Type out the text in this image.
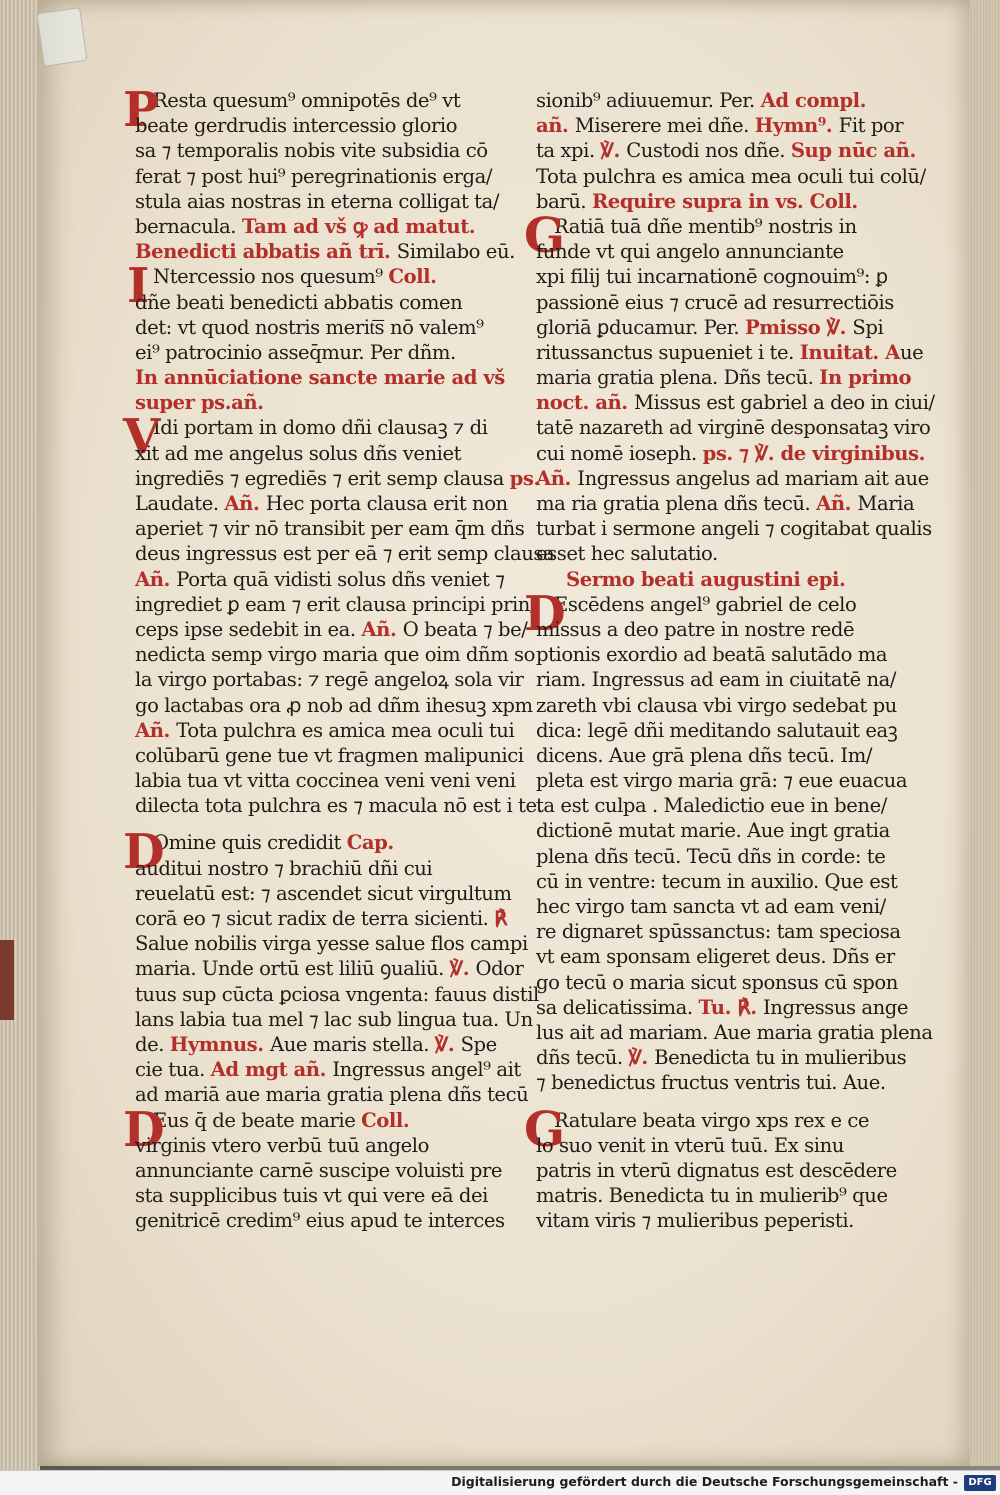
P
Resta quesum⁹ omnipotēs de⁹ vt
beate gerdrudis intercessio glorio
sa ⁊ temporalis nobis vite subsidia cō
ferat ⁊ post hui⁹ peregrinationis erga/
stula aias nostras in eterna colligat ta/
bernacula. Tam ad vš ꝙ ad matut.
Benedicti abbatis añ trī. Similabo eū.
I Ntercessio nos quesum⁹ Coll.
dñe beati benedicti abbatis comen
det: vt quod nostris merit͞s nō valem⁹
ei⁹ patrocinio asseq̄mur. Per dñm.
In annūciatione sancte marie ad vš
super ps.añ.
V
Idi portam in domo dñi clausaꝫ ⁊ di
xit ad me angelus solus dñs veniet
ingrediēs ⁊ egrediēs ⁊ erit semp clausa ps.
Laudate. Añ. Hec porta clausa erit non
aperiet ⁊ vir nō transibit per eam q̄m dñs
deus ingressus est per eā ⁊ erit semp clausa
Añ. Porta quā vidisti solus dñs veniet ⁊
ingrediet ꝑ eam ⁊ erit clausa principi prin/
ceps ipse sedebit in ea. Añ. O beata ⁊ be/
nedicta semp virgo maria que oim dñm so
la virgo portabas: ⁊ regē angeloꝝ sola vir
go lactabas ora ꝓ nob ad dñm ihesuꝫ xpm
Añ. Tota pulchra es amica mea oculi tui
colūbarū gene tue vt fragmen malipunici
labia tua vt vitta coccinea veni veni veni
dilecta tota pulchra es ⁊ macula nō est i te.
D
Omine quis credidit Cap.
auditui nostro ⁊ brachiū dñi cui
reuelatū est: ⁊ ascendet sicut virgultum
corā eo ⁊ sicut radix de terra sicienti. ℟
Salue nobilis virga yesse salue flos campi
maria. Unde ortū est liliū ꝯualiū. ℣. Odor
tuus sup cūcta ꝑciosa vngenta: fauus distil
lans labia tua mel ⁊ lac sub lingua tua. Un
de. Hymnus. Aue maris stella. ℣. Spe
cie tua. Ad mgt añ. Ingressus angel⁹ ait
ad mariā aue maria gratia plena dñs tecū
D
Eus q̄ de beate marie Coll.
virginis vtero verbū tuū angelo
annunciante carnē suscipe voluisti pre
sta supplicibus tuis vt qui vere eā dei
genitricē credim⁹ eius apud te interces
sionib⁹ adiuuemur. Per. Ad compl.
añ. Miserere mei dñe. Hymn⁹. Fit por
ta xpi. ℣. Custodi nos dñe. Sup nūc añ.
Tota pulchra es amica mea oculi tui colū/
barū. Require supra in vs. Coll.
G
Ratiā tuā dñe mentib⁹ nostris in
funde vt qui angelo annunciante
xpi filij tui incarnationē cognouim⁹: ꝑ
passionē eius ⁊ crucē ad resurrectiōis
gloriā ꝑducamur. Per. Pmisso ℣. Spi
ritussanctus supueniet i te. Inuitat. Aue
maria gratia plena. Dñs tecū. In primo
noct. añ. Missus est gabriel a deo in ciui/
tatē nazareth ad virginē desponsataꝫ viro
cui nomē ioseph. ps. ⁊ ℣. de virginibus.
Añ. Ingressus angelus ad mariam ait aue
ma ria gratia plena dñs tecū. Añ. Maria
turbat i sermone angeli ⁊ cogitabat qualis
esset hec salutatio.
Sermo beati augustini epi.
D
Escēdens angel⁹ gabriel de celo
missus a deo patre in nostre redē
ptionis exordio ad beatā salutādo ma
riam. Ingressus ad eam in ciuitatē na/
zareth vbi clausa vbi virgo sedebat pu
dica: legē dñi meditando salutauit eaꝫ
dicens. Aue grā plena dñs tecū. Im/
pleta est virgo maria grā: ⁊ eue euacua
ta est culpa . Maledictio eue in bene/
dictionē mutat marie. Aue ingt gratia
plena dñs tecū. Tecū dñs in corde: te
cū in ventre: tecum in auxilio. Que est
hec virgo tam sancta vt ad eam veni/
re dignaret spūssanctus: tam speciosa
vt eam sponsam eligeret deus. Dñs er
go tecū o maria sicut sponsus cū spon
sa delicatissima. Tu. ℟. Ingressus ange
lus ait ad mariam. Aue maria gratia plena
dñs tecū. ℣. Benedicta tu in mulieribus
⁊ benedictus fructus ventris tui. Aue.
G
Ratulare beata virgo xps rex e ce
lo suo venit in vterū tuū. Ex sinu
patris in vterū dignatus est descēdere
matris. Benedicta tu in mulierib⁹ que
vitam viris ⁊ mulieribus peperisti.
Digitalisierung gefördert durch die Deutsche Forschungsgemeinschaft -	DFG
